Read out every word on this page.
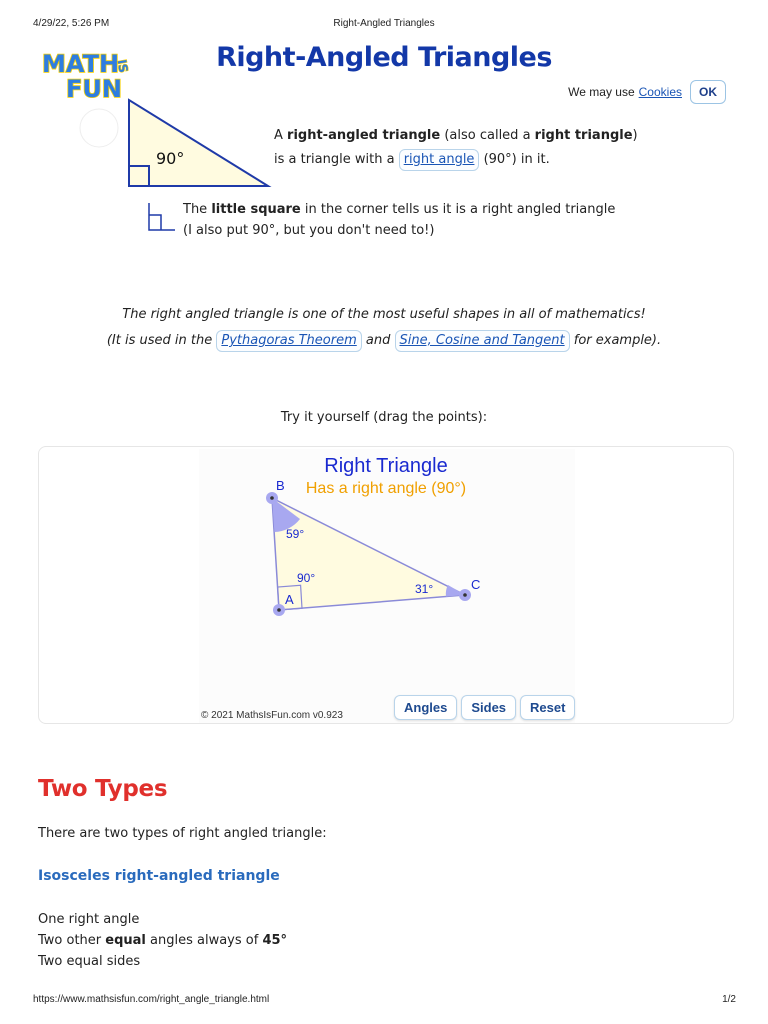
4/29/22, 5:26 PM	Right-Angled Triangles
MATH
IS
FUN
Right-Angled Triangles
We may use Cookies	OK
90°
A right-angled triangle (also called a right triangle)
is a triangle with a right angle (90°) in it.
The little square in the corner tells us it is a right angled triangle
(I also put 90°, but you don't need to!)
The right angled triangle is one of the most useful shapes in all of mathematics!
(It is used in the Pythagoras Theorem and Sine, Cosine and Tangent for example).
Try it yourself (drag the points):
Right Triangle
Has a right angle (90°)
B
A
C
59°
90°
31°
© 2021 MathsIsFun.com v0.923
Angles	Sides	Reset
Two Types
There are two types of right angled triangle:
Isosceles right-angled triangle
One right angle
Two other equal angles always of 45°
Two equal sides
https://www.mathsisfun.com/right_angle_triangle.html	1/2
